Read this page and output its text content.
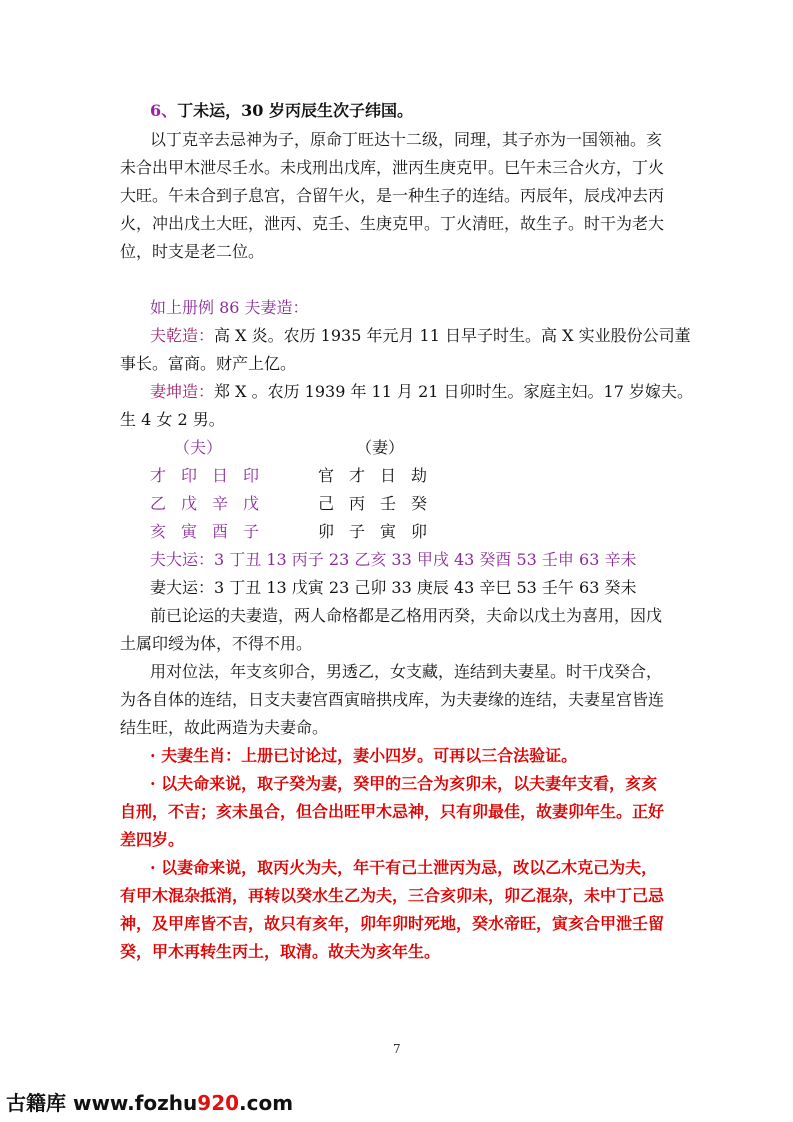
6、丁未运，30 岁丙辰生次子纬国。
以丁克辛去忌神为子，原命丁旺达十二级，同理，其子亦为一国领袖。亥
未合出甲木泄尽壬水。未戌刑出戊库，泄丙生庚克甲。巳午未三合火方，丁火
大旺。午未合到子息宫，合留午火，是一种生子的连结。丙辰年，辰戌冲去丙
火，冲出戊土大旺，泄丙、克壬、生庚克甲。丁火清旺，故生子。时干为老大
位，时支是老二位。
如上册例 86 夫妻造：
夫乾造：高 X 炎。农历 1935 年元月 11 日早子时生。高 X 实业股份公司董
事长。富商。财产上亿。
妻坤造：郑 X 。农历 1939 年 11 月 21 日卯时生。家庭主妇。17 岁嫁夫。
生 4 女 2 男。
（夫）	（妻）
才 印 日 印
乙 戊 辛 戊
亥 寅 酉 子
官 才 日 劫
己 丙 壬 癸
卯 子 寅 卯
夫大运：3 丁丑 13 丙子 23 乙亥 33 甲戌 43 癸酉 53 壬申 63 辛未
妻大运：3 丁丑 13 戊寅 23 己卯 33 庚辰 43 辛巳 53 壬午 63 癸未
前已论运的夫妻造，两人命格都是乙格用丙癸，夫命以戊土为喜用，因戊
土属印绶为体，不得不用。
用对位法，年支亥卯合，男透乙，女支藏，连结到夫妻星。时干戊癸合，
为各自体的连结，日支夫妻宫酉寅暗拱戌库，为夫妻缘的连结，夫妻星宫皆连
结生旺，故此两造为夫妻命。
· 夫妻生肖：上册已讨论过，妻小四岁。可再以三合法验证。
· 以夫命来说，取子癸为妻，癸甲的三合为亥卯未，以夫妻年支看，亥亥
自刑，不吉；亥未虽合，但合出旺甲木忌神，只有卯最佳，故妻卯年生。正好
差四岁。
· 以妻命来说，取丙火为夫，年干有己土泄丙为忌，改以乙木克己为夫，
有甲木混杂抵消，再转以癸水生乙为夫，三合亥卯未，卯乙混杂，未中丁己忌
神，及甲库皆不吉，故只有亥年，卯年卯时死地，癸水帝旺，寅亥合甲泄壬留
癸，甲木再转生丙土，取清。故夫为亥年生。
7
古籍库 www.fozhu920.com
